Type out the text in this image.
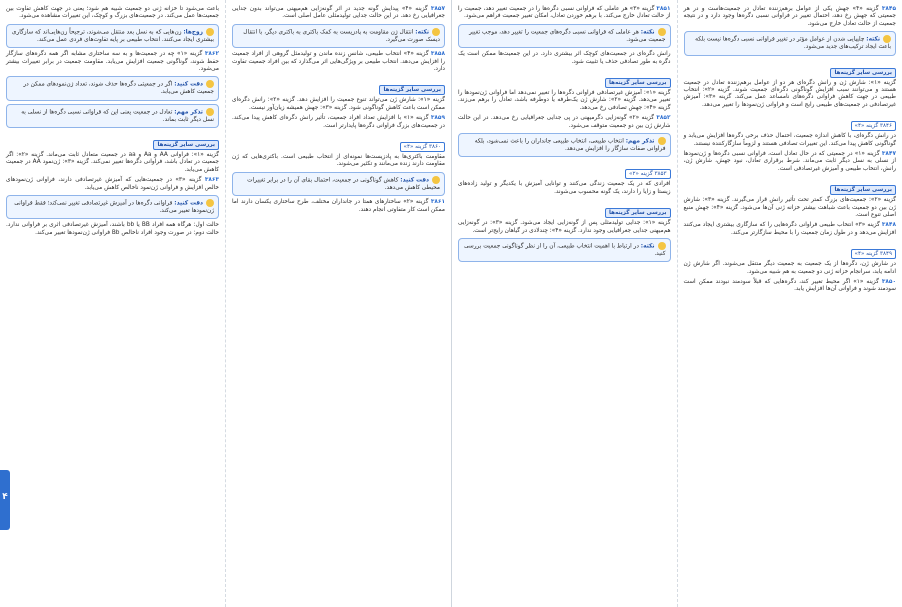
۳۸۴۵ گزینه «۴» جهش یکی از عوامل برهم‌زننده تعادل در جمعیت‌هاست و در هر جمعیتی که جهش رخ دهد، احتمال تغییر در فراوانی نسبی دگره‌ها وجود دارد و در نتیجه جمعیت از حالت تعادل خارج می‌شود.

نکته: چلیپایی شدن از عوامل مؤثر در تغییر فراوانی نسبی دگره‌ها نیست بلکه باعث ایجاد ترکیب‌های جدید می‌شود.
بررسی سایر گزینه‌ها

گزینه «۱»: شارش ژن و رانش دگره‌ای هر دو از عوامل برهم‌زننده تعادل در جمعیت هستند و می‌توانند سبب افزایش گوناگونی دگره‌ای جمعیت شوند. گزینه «۲»: انتخاب طبیعی در جهت کاهش فراوانی دگره‌های نامساعد عمل می‌کند. گزینه «۳»: آمیزش غیرتصادفی در جمعیت‌های طبیعی رایج است و فراوانی ژن‌نمودها را تغییر می‌دهد.

۳۸۴۶ گزینه «۴»

در رانش دگره‌ای، با کاهش اندازه جمعیت، احتمال حذف برخی دگره‌ها افزایش می‌یابد و گوناگونی کاهش پیدا می‌کند. این تغییرات تصادفی هستند و لزوماً سازگارکننده نیستند.

۳۸۴۷ گزینه «۱» در جمعیتی که در حال تعادل است، فراوانی نسبی دگره‌ها و ژن‌نمودها از نسلی به نسل دیگر ثابت می‌ماند. شرط برقراری تعادل، نبود جهش، شارش ژن، رانش، انتخاب طبیعی و آمیزش غیرتصادفی است.

بررسی سایر گزینه‌ها

گزینه «۲»: جمعیت‌های بزرگ کمتر تحت تأثیر رانش قرار می‌گیرند. گزینه «۳»: شارش ژن بین دو جمعیت باعث شباهت بیشتر خزانه ژنی آن‌ها می‌شود. گزینه «۴»: جهش منبع اصلی تنوع است.

۳۸۴۸ گزینه «۳» انتخاب طبیعی فراوانی دگره‌هایی را که سازگاری بیشتری ایجاد می‌کنند افزایش می‌دهد و در طول زمان جمعیت را با محیط سازگارتر می‌کند.

۳۸۴۹ گزینه «۴»

در شارش ژن، دگره‌ها از یک جمعیت به جمعیت دیگر منتقل می‌شوند. اگر شارش ژن ادامه یابد، سرانجام خزانه ژنی دو جمعیت به هم شبیه می‌شود.

۳۸۵۰ گزینه «۱» اگر محیط تغییر کند، دگره‌هایی که قبلاً سودمند نبودند ممکن است سودمند شوند و فراوانی آن‌ها افزایش یابد.

۳۸۵۱ گزینه «۳» هر عاملی که فراوانی نسبی دگره‌ها را در جمعیت تغییر دهد، جمعیت را از حالت تعادل خارج می‌کند. با برهم خوردن تعادل، امکان تغییر جمعیت فراهم می‌شود.

نکته: هر عاملی که فراوانی نسبی دگره‌های جمعیت را تغییر دهد، موجب تغییر جمعیت می‌شود.

رانش دگره‌ای در جمعیت‌های کوچک اثر بیشتری دارد. در این جمعیت‌ها ممکن است یک دگره به طور تصادفی حذف یا تثبیت شود.

بررسی سایر گزینه‌ها

گزینه «۱»: آمیزش غیرتصادفی فراوانی دگره‌ها را تغییر نمی‌دهد اما فراوانی ژن‌نمودها را تغییر می‌دهد. گزینه «۲»: شارش ژن یک‌طرفه یا دوطرفه باشد، تعادل را برهم می‌زند. گزینه «۴»: جهش تصادفی رخ می‌دهد.

۳۸۵۲ گزینه «۲» گونه‌زایی دگرمیهنی در پی جدایی جغرافیایی رخ می‌دهد. در این حالت شارش ژن بین دو جمعیت متوقف می‌شود.

تذکر مهم: انتخاب طبیعی، انتخاب طبیعی جانداران را باعث نمی‌شود، بلکه فراوانی صفات سازگار را افزایش می‌دهد.
۳۸۵۳ گزینه «۲»

افرادی که در یک جمعیت زندگی می‌کنند و توانایی آمیزش با یکدیگر و تولید زاده‌های زیستا و زایا را دارند، یک گونه محسوب می‌شوند.

بررسی سایر گزینه‌ها

گزینه «۱»: جدایی تولیدمثلی پس از گونه‌زایی ایجاد می‌شود. گزینه «۳»: در گونه‌زایی هم‌میهنی جدایی جغرافیایی وجود ندارد. گزینه «۴»: چندلادی در گیاهان رایج‌تر است.

نکته: در ارتباط با اهمیت انتخاب طبیعی، آن را از نظر گوناگونی جمعیت بررسی کنید.

۳۸۵۷ گزینه «۴» پیدایش گونه جدید در اثر گونه‌زایی هم‌میهنی می‌تواند بدون جدایی جغرافیایی رخ دهد. در این حالت جدایی تولیدمثلی عامل اصلی است.

نکته: انتقال ژن مقاومت به پادزیست به کمک باکتری به باکتری دیگر، با انتقال دیسک صورت می‌گیرد.

۳۸۵۸ گزینه «۴» انتخاب طبیعی، شانس زنده ماندن و تولیدمثل گروهی از افراد جمعیت را افزایش می‌دهد. انتخاب طبیعی بر ویژگی‌هایی اثر می‌گذارد که بین افراد جمعیت تفاوت دارد.

بررسی سایر گزینه‌ها

گزینه «۱»: شارش ژن می‌تواند تنوع جمعیت را افزایش دهد. گزینه «۲»: رانش دگره‌ای ممکن است باعث کاهش گوناگونی شود. گزینه «۳»: جهش همیشه زیان‌آور نیست.

۳۸۵۹ گزینه «۱» با افزایش تعداد افراد جمعیت، تأثیر رانش دگره‌ای کاهش پیدا می‌کند. در جمعیت‌های بزرگ فراوانی دگره‌ها پایدارتر است.

۳۸۶۰ گزینه «۴»

مقاومت باکتری‌ها به پادزیست‌ها نمونه‌ای از انتخاب طبیعی است. باکتری‌هایی که ژن مقاومت دارند زنده می‌مانند و تکثیر می‌شوند.

دقت کنید: کاهش گوناگونی در جمعیت، احتمال بقای آن را در برابر تغییرات محیطی کاهش می‌دهد.

۳۸۶۱ گزینه «۲» ساختارهای همتا در جانداران مختلف، طرح ساختاری یکسان دارند اما ممکن است کار متفاوتی انجام دهند.

باعث می‌شود تا خزانه ژنی دو جمعیت شبیه هم شود؛ یعنی در جهت کاهش تفاوت بین جمعیت‌ها عمل می‌کند. در جمعیت‌های بزرگ و کوچک، این تغییرات مشاهده می‌شود.

زوج‌ها: زن‌هایی که به نسل بعد منتقل می‌شوند، ترجیحاً زن‌هایی‌اند که سازگاری بیشتری ایجاد می‌کنند. انتخاب طبیعی بر پایه تفاوت‌های فردی عمل می‌کند.

۳۸۶۲ گزینه «۱» چه در جمعیت‌ها و به سه ساختاری مشابه اگر همه دگره‌های سازگار حفظ شوند، گوناگونی جمعیت افزایش می‌یابد. مقاومت جمعیت در برابر تغییرات بیشتر می‌شود.

دقت کنید: اگر در جمعیتی دگره‌ها حذف شوند، تعداد ژن‌نمودهای ممکن در جمعیت کاهش می‌یابد.
تذکر مهم: تعادل در جمعیت یعنی این که فراوانی نسبی دگره‌ها از نسلی به نسل دیگر ثابت بماند.
بررسی سایر گزینه‌ها

گزینه «۱»: فراوانی AA و Aa و aa در جمعیت متعادل ثابت می‌ماند. گزینه «۲»: اگر جمعیت در تعادل باشد، فراوانی دگره‌ها تغییر نمی‌کند. گزینه «۳»: ژن‌نمود AA در جمعیت کاهش می‌یابد.

۳۸۶۳ گزینه «۳» در جمعیت‌هایی که آمیزش غیرتصادفی دارند، فراوانی ژن‌نمودهای خالص افزایش و فراوانی ژن‌نمود ناخالص کاهش می‌یابد.

دقت کنید: فراوانی دگره‌ها در آمیزش غیرتصادفی تغییر نمی‌کند؛ فقط فراوانی ژن‌نمودها تغییر می‌کند.

حالت اول: هرگاه همه افراد BB یا bb باشند، آمیزش غیرتصادفی اثری بر فراوانی ندارد. حالت دوم: در صورت وجود افراد ناخالص Bb فراوانی ژن‌نمودها تغییر می‌کند.

۴
